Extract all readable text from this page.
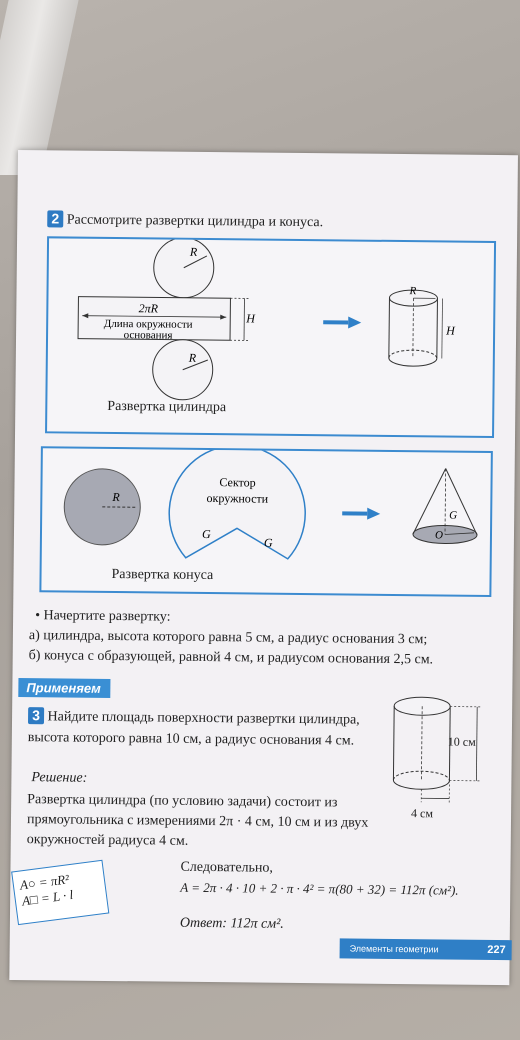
2 Рассмотрите развертки цилиндра и конуса.
R
2πR
Длина окружности
основания
H
R
R
H
Развертка цилиндра
R
Сектор
окружности
G
G
G
O
Развертка конуса
• Начертите развертку:
а) цилиндра, высота которого равна 5 см, а радиус основания 3 см;
б) конуса с образующей, равной 4 см, и радиусом основания 2,5 см.
Применяем
3 Найдите площадь поверхности развертки цилиндра, высота которого равна 10 см, а радиус основания 4 см.
Решение:
Развертка цилиндра (по условию задачи) состоит из прямоугольника с измерениями 2π · 4 см, 10 см и из двух окружностей радиуса 4 см.
10 см
4 см
Следовательно,
A = 2π · 4 · 10 + 2 · π · 4² = π(80 + 32) = 112π (см²).
Ответ: 112π см².
A○ = πR²
A□ = L · l
Элементы геометрии	227
